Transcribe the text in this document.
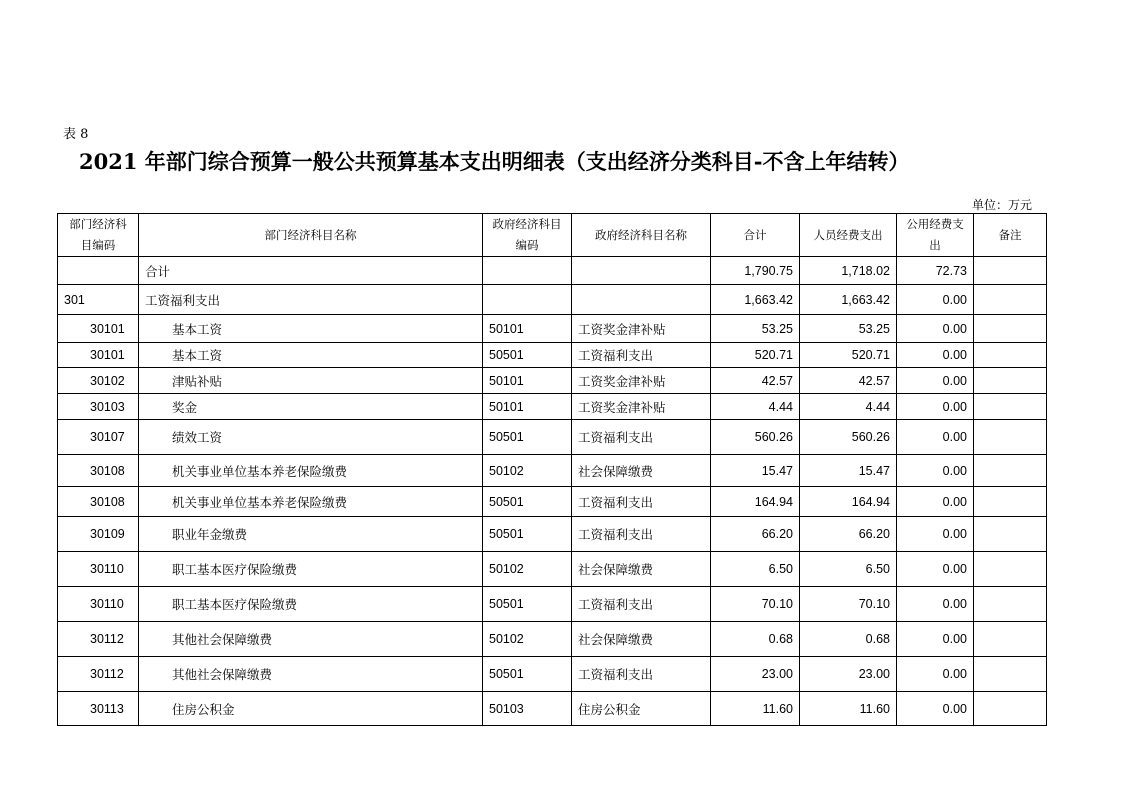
表 8
2021 年部门综合预算一般公共预算基本支出明细表（支出经济分类科目-不含上年结转）
单位：万元
部门经济科目编码	部门经济科目名称	政府经济科目编码	政府经济科目名称	合计	人员经费支出	公用经费支出	备注
	合计			1,790.75	1,718.02	72.73	
301	工资福利支出			1,663.42	1,663.42	0.00	
30101	基本工资	50101	工资奖金津补贴	53.25	53.25	0.00	
30101	基本工资	50501	工资福利支出	520.71	520.71	0.00	
30102	津贴补贴	50101	工资奖金津补贴	42.57	42.57	0.00	
30103	奖金	50101	工资奖金津补贴	4.44	4.44	0.00	
30107	绩效工资	50501	工资福利支出	560.26	560.26	0.00	
30108	机关事业单位基本养老保险缴费	50102	社会保障缴费	15.47	15.47	0.00	
30108	机关事业单位基本养老保险缴费	50501	工资福利支出	164.94	164.94	0.00	
30109	职业年金缴费	50501	工资福利支出	66.20	66.20	0.00	
30110	职工基本医疗保险缴费	50102	社会保障缴费	6.50	6.50	0.00	
30110	职工基本医疗保险缴费	50501	工资福利支出	70.10	70.10	0.00	
30112	其他社会保障缴费	50102	社会保障缴费	0.68	0.68	0.00	
30112	其他社会保障缴费	50501	工资福利支出	23.00	23.00	0.00	
30113	住房公积金	50103	住房公积金	11.60	11.60	0.00	
